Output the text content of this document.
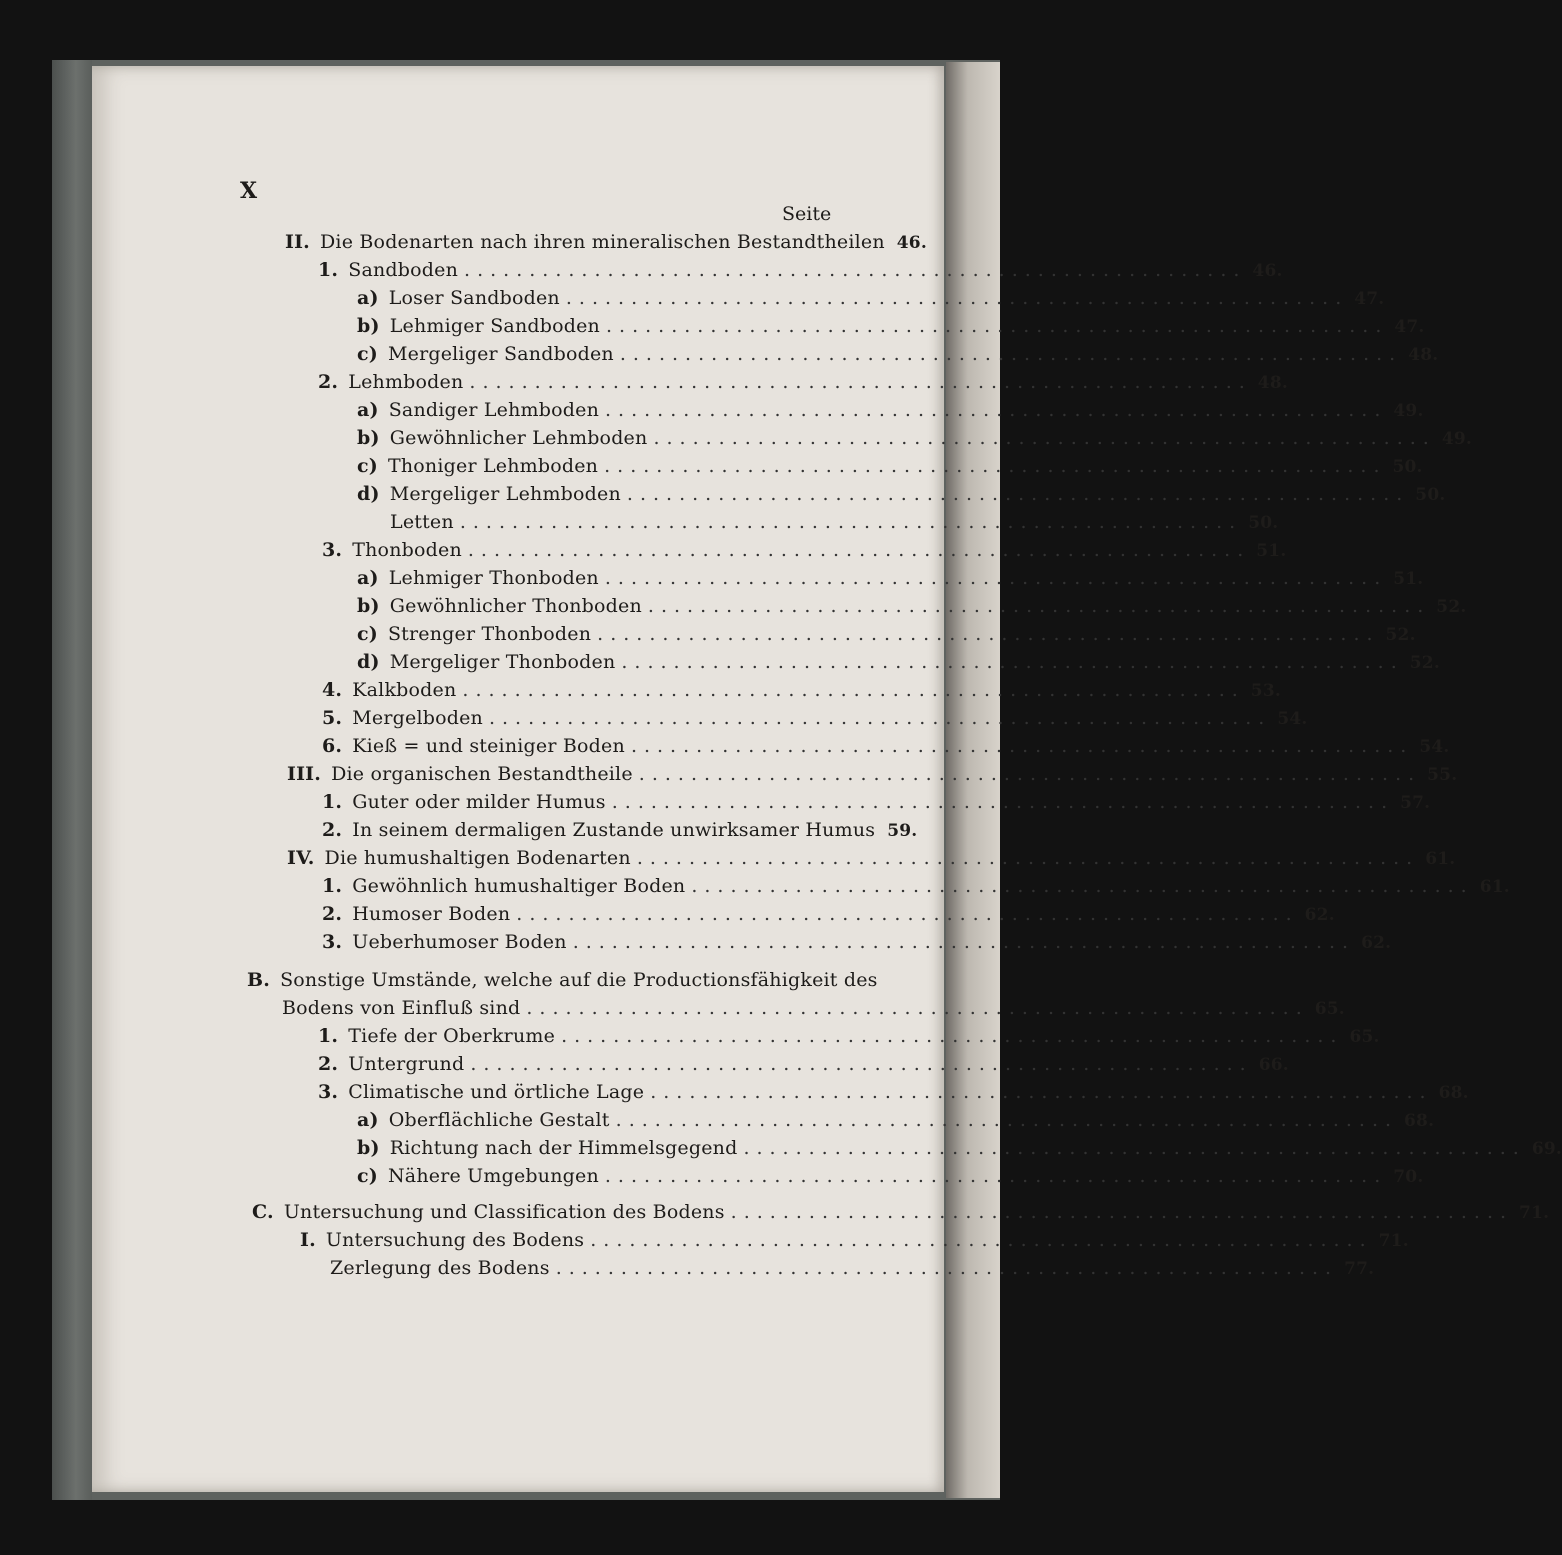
X
Seite
II. Die Bodenarten nach ihren mineralischen Bestandtheilen 46.
1. Sandboden ............................................................ 46.
a) Loser Sandboden ............................................................ 47.
b) Lehmiger Sandboden ............................................................ 47.
c) Mergeliger Sandboden ............................................................ 48.
2. Lehmboden ............................................................ 48.
a) Sandiger Lehmboden ............................................................ 49.
b) Gewöhnlicher Lehmboden ............................................................ 49.
c) Thoniger Lehmboden ............................................................ 50.
d) Mergeliger Lehmboden ............................................................ 50.
Letten ............................................................ 50.
3. Thonboden ............................................................ 51.
a) Lehmiger Thonboden ............................................................ 51.
b) Gewöhnlicher Thonboden ............................................................ 52.
c) Strenger Thonboden ............................................................ 52.
d) Mergeliger Thonboden ............................................................ 52.
4. Kalkboden ............................................................ 53.
5. Mergelboden ............................................................ 54.
6. Kieß = und steiniger Boden ............................................................ 54.
III. Die organischen Bestandtheile ............................................................ 55.
1. Guter oder milder Humus ............................................................ 57.
2. In seinem dermaligen Zustande unwirksamer Humus 59.
IV. Die humushaltigen Bodenarten ............................................................ 61.
1. Gewöhnlich humushaltiger Boden ............................................................ 61.
2. Humoser Boden ............................................................ 62.
3. Ueberhumoser Boden ............................................................ 62.
B. Sonstige Umstände, welche auf die Productionsfähigkeit des
Bodens von Einfluß sind ............................................................ 65.
1. Tiefe der Oberkrume ............................................................ 65.
2. Untergrund ............................................................ 66.
3. Climatische und örtliche Lage ............................................................ 68.
a) Oberflächliche Gestalt ............................................................ 68.
b) Richtung nach der Himmelsgegend ............................................................ 69.
c) Nähere Umgebungen ............................................................ 70.
C. Untersuchung und Classification des Bodens ............................................................ 71.
I. Untersuchung des Bodens ............................................................ 71.
Zerlegung des Bodens ............................................................ 77.
